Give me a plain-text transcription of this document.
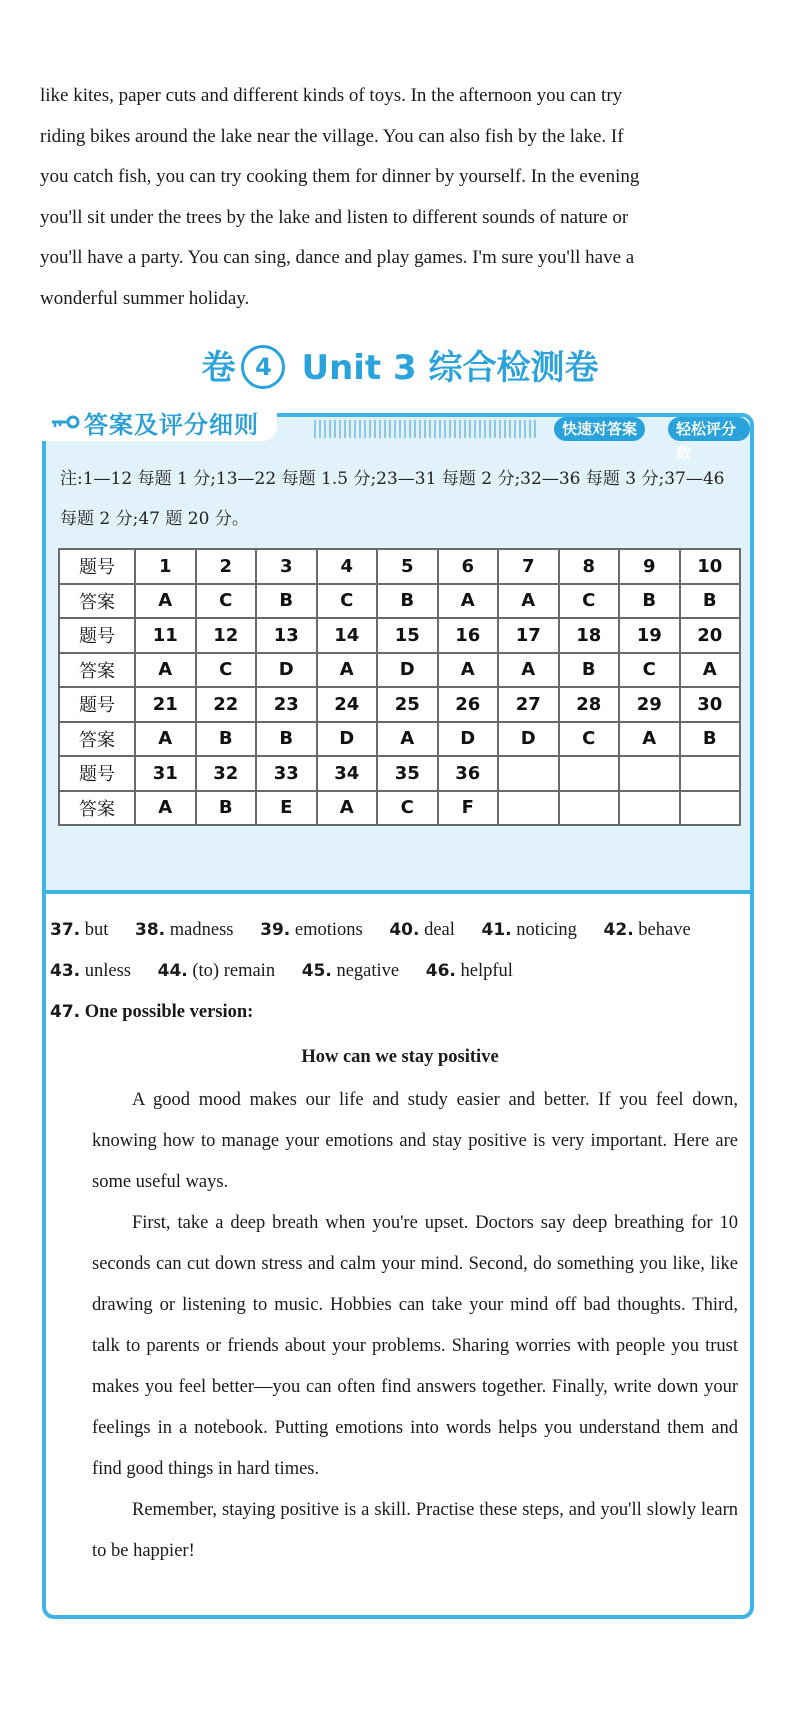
like kites, paper cuts and different kinds of toys. In the afternoon you can try
riding bikes around the lake near the village. You can also fish by the lake. If
you catch fish, you can try cooking them for dinner by yourself. In the evening
you'll sit under the trees by the lake and listen to different sounds of nature or
you'll have a party. You can sing, dance and play games. I'm sure you'll have a
wonderful summer holiday.
卷 4 Unit 3 综合检测卷
答案及评分细则	快速对答案	轻松评分数
注:1—12 每题 1 分;13—22 每题 1.5 分;23—31 每题 2 分;32—36 每题 3 分;37—46 每题 2 分;47 题 20 分。
题号	1	2	3	4	5	6	7	8	9	10
答案	A	C	B	C	B	A	A	C	B	B
题号	11	12	13	14	15	16	17	18	19	20
答案	A	C	D	A	D	A	A	B	C	A
题号	21	22	23	24	25	26	27	28	29	30
答案	A	B	B	D	A	D	D	C	A	B
题号	31	32	33	34	35	36				
答案	A	B	E	A	C	F				
37. but 38. madness 39. emotions 40. deal 41. noticing 42. behave
43. unless 44. (to) remain 45. negative 46. helpful
47. One possible version:
How can we stay positive

A good mood makes our life and study easier and better. If you feel down, knowing how to manage your emotions and stay positive is very important. Here are some useful ways.

First, take a deep breath when you're upset. Doctors say deep breathing for 10 seconds can cut down stress and calm your mind. Second, do something you like, like drawing or listening to music. Hobbies can take your mind off bad thoughts. Third, talk to parents or friends about your problems. Sharing worries with people you trust makes you feel better—you can often find answers together. Finally, write down your feelings in a notebook. Putting emotions into words helps you understand them and find good things in hard times.

Remember, staying positive is a skill. Practise these steps, and you'll slowly learn to be happier!
